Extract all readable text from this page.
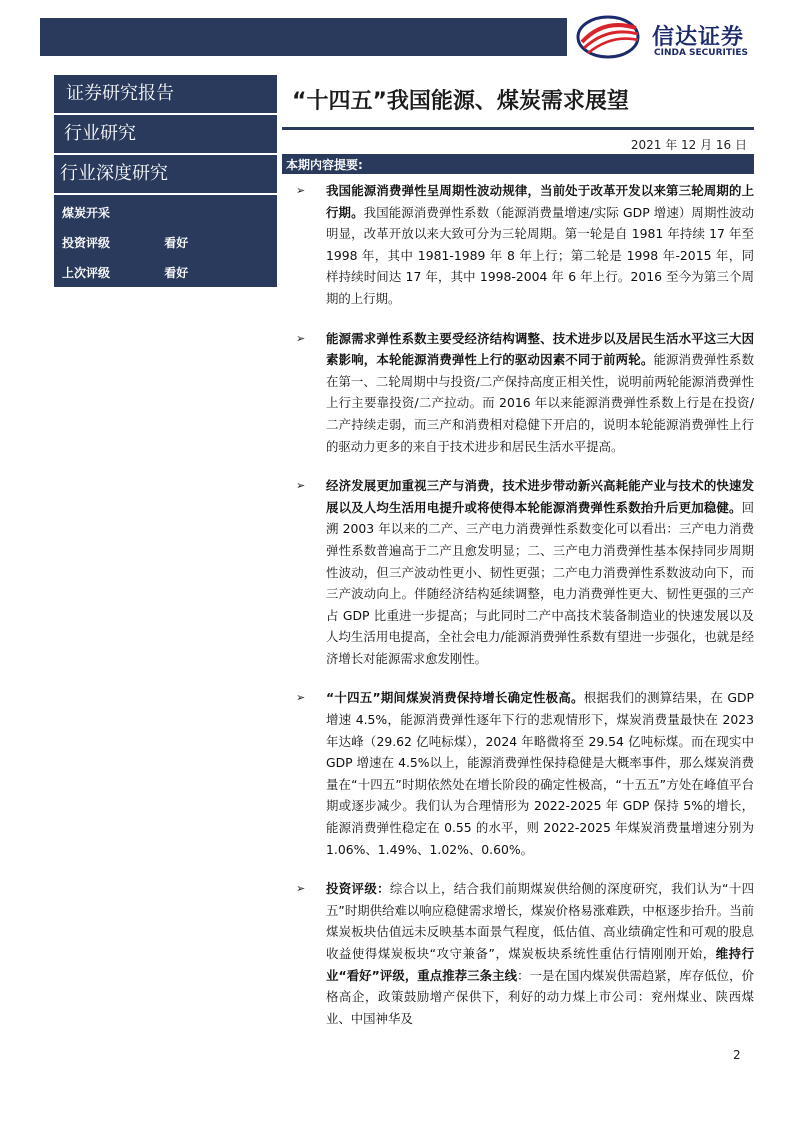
信达证券
CINDA SECURITIES
证券研究报告
行业研究
行业深度研究
煤炭开采
投资评级	看好
上次评级	看好
“十四五”我国能源、煤炭需求展望
2021 年 12 月 16 日
本期内容提要:
➢ 我国能源消费弹性呈周期性波动规律，当前处于改革开发以来第三轮周期的上行期。我国能源消费弹性系数（能源消费量增速/实际 GDP 增速）周期性波动明显，改革开放以来大致可分为三轮周期。第一轮是自 1981 年持续 17 年至 1998 年，其中 1981-1989 年 8 年上行；第二轮是 1998 年-2015 年，同样持续时间达 17 年，其中 1998-2004 年 6 年上行。2016 至今为第三个周期的上行期。
➢ 能源需求弹性系数主要受经济结构调整、技术进步以及居民生活水平这三大因素影响，本轮能源消费弹性上行的驱动因素不同于前两轮。能源消费弹性系数在第一、二轮周期中与投资/二产保持高度正相关性，说明前两轮能源消费弹性上行主要靠投资/二产拉动。而 2016 年以来能源消费弹性系数上行是在投资/二产持续走弱，而三产和消费相对稳健下开启的，说明本轮能源消费弹性上行的驱动力更多的来自于技术进步和居民生活水平提高。
➢ 经济发展更加重视三产与消费，技术进步带动新兴高耗能产业与技术的快速发展以及人均生活用电提升或将使得本轮能源消费弹性系数抬升后更加稳健。回溯 2003 年以来的二产、三产电力消费弹性系数变化可以看出：三产电力消费弹性系数普遍高于二产且愈发明显；二、三产电力消费弹性基本保持同步周期性波动，但三产波动性更小、韧性更强；二产电力消费弹性系数波动向下，而三产波动向上。伴随经济结构延续调整，电力消费弹性更大、韧性更强的三产占 GDP 比重进一步提高；与此同时二产中高技术装备制造业的快速发展以及人均生活用电提高，全社会电力/能源消费弹性系数有望进一步强化，也就是经济增长对能源需求愈发刚性。
➢ “十四五”期间煤炭消费保持增长确定性极高。根据我们的测算结果，在 GDP 增速 4.5%，能源消费弹性逐年下行的悲观情形下，煤炭消费量最快在 2023 年达峰（29.62 亿吨标煤），2024 年略微将至 29.54 亿吨标煤。而在现实中 GDP 增速在 4.5%以上，能源消费弹性保持稳健是大概率事件，那么煤炭消费量在“十四五”时期依然处在增长阶段的确定性极高，“十五五”方处在峰值平台期或逐步减少。我们认为合理情形为 2022-2025 年 GDP 保持 5%的增长，能源消费弹性稳定在 0.55 的水平，则 2022-2025 年煤炭消费量增速分别为 1.06%、1.49%、1.02%、0.60%。
➢ 投资评级：综合以上，结合我们前期煤炭供给侧的深度研究，我们认为“十四五”时期供给难以响应稳健需求增长，煤炭价格易涨难跌，中枢逐步抬升。当前煤炭板块估值远未反映基本面景气程度，低估值、高业绩确定性和可观的股息收益使得煤炭板块“攻守兼备”，煤炭板块系统性重估行情刚刚开始，维持行业“看好”评级，重点推荐三条主线：一是在国内煤炭供需趋紧，库存低位，价格高企，政策鼓励增产保供下，利好的动力煤上市公司：兖州煤业、陕西煤业、中国神华及
2
